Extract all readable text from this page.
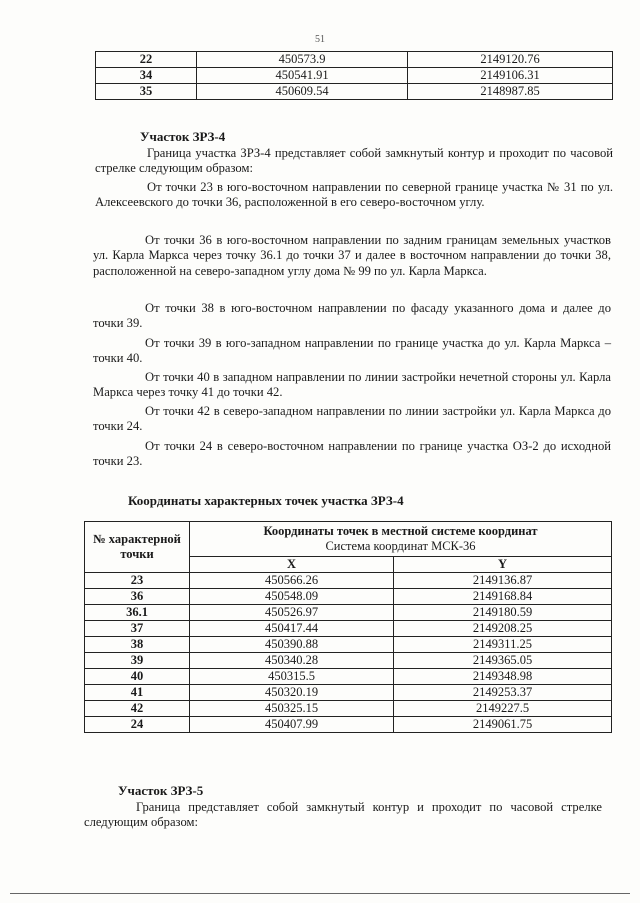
51
22	450573.9	2149120.76
34	450541.91	2149106.31
35	450609.54	2148987.85
Участок ЗРЗ-4

Граница участка ЗРЗ-4 представляет собой замкнутый контур и проходит по часовой стрелке следующим образом:

От точки 23 в юго-восточном направлении по северной границе участка № 31 по ул. Алексеевского до точки 36, расположенной в его северо-восточном углу.

От точки 36 в юго-восточном направлении по задним границам земельных участков ул. Карла Маркса через точку 36.1 до точки 37 и далее в восточном направлении до точки 38, расположенной на северо-западном углу дома № 99 по ул. Карла Маркса.

От точки 38 в юго-восточном направлении по фасаду указанного дома и далее до точки 39.

От точки 39 в юго-западном направлении по границе участка до ул. Карла Маркса – точки 40.

От точки 40 в западном направлении по линии застройки нечетной стороны ул. Карла Маркса через точку 41 до точки 42.

От точки 42 в северо-западном направлении по линии застройки ул. Карла Маркса до точки 24.

От точки 24 в северо-восточном направлении по границе участка ОЗ-2 до исходной точки 23.

Координаты характерных точек участка ЗРЗ-4
№ характерной точки	Координаты точек в местной системе координат
Система координат МСК-36	

	X	Y
23	450566.26	2149136.87
36	450548.09	2149168.84
36.1	450526.97	2149180.59
37	450417.44	2149208.25
38	450390.88	2149311.25
39	450340.28	2149365.05
40	450315.5	2149348.98
41	450320.19	2149253.37
42	450325.15	2149227.5
24	450407.99	2149061.75
Участок ЗРЗ-5

Граница представляет собой замкнутый контур и проходит по часовой стрелке следующим образом:
